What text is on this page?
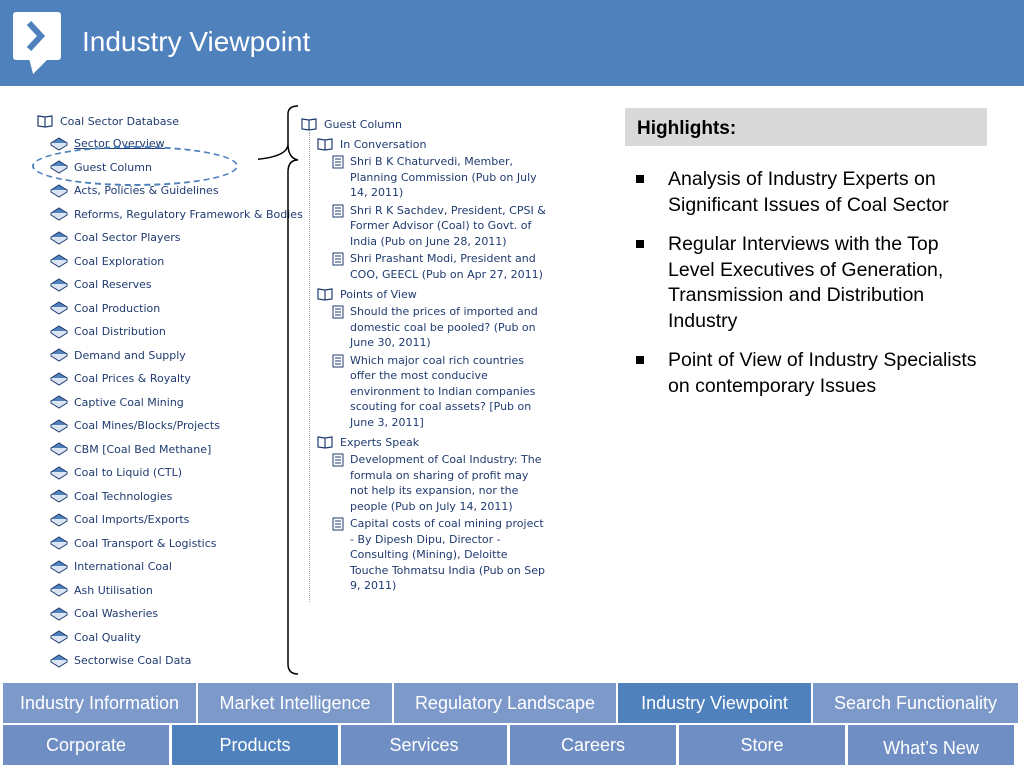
Industry Viewpoint
Coal Sector Database
Sector Overview
Guest Column
Acts, Policies & Guidelines
Reforms, Regulatory Framework & Bodies
Coal Sector Players
Coal Exploration
Coal Reserves
Coal Production
Coal Distribution
Demand and Supply
Coal Prices & Royalty
Captive Coal Mining
Coal Mines/Blocks/Projects
CBM [Coal Bed Methane]
Coal to Liquid (CTL)
Coal Technologies
Coal Imports/Exports
Coal Transport & Logistics
International Coal
Ash Utilisation
Coal Washeries
Coal Quality
Sectorwise Coal Data
Guest Column
In Conversation
Shri B K Chaturvedi, Member, Planning Commission (Pub on July 14, 2011)
Shri R K Sachdev, President, CPSI & Former Advisor (Coal) to Govt. of India (Pub on June 28, 2011)
Shri Prashant Modi, President and COO, GEECL (Pub on Apr 27, 2011)
Points of View
Should the prices of imported and domestic coal be pooled? (Pub on June 30, 2011)
Which major coal rich countries offer the most conducive environment to Indian companies scouting for coal assets? [Pub on June 3, 2011]
Experts Speak
Development of Coal Industry: The formula on sharing of profit may not help its expansion, nor the people (Pub on July 14, 2011)
Capital costs of coal mining project - By Dipesh Dipu, Director - Consulting (Mining), Deloitte Touche Tohmatsu India (Pub on Sep 9, 2011)
Highlights:
Analysis of Industry Experts on Significant Issues of Coal Sector
Regular Interviews with the Top Level Executives of Generation, Transmission and Distribution Industry
Point of View of Industry Specialists on contemporary Issues
Industry Information	Market Intelligence	Regulatory Landscape	Industry Viewpoint	Search Functionality
Corporate	Products	Services	Careers	Store	What’s New
